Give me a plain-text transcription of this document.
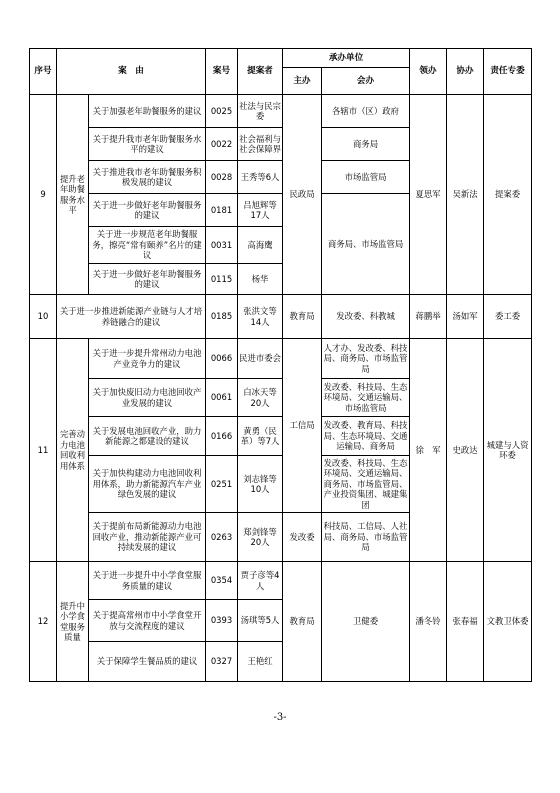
序号	案　由		案号	提案者	承办单位		领办	协办	责任专委
					主办	会办			
9	提升老年助餐服务水平	关于加强老年助餐服务的建议	0025	社法与民宗委	民政局	各辖市（区）政府	夏思军	吴新法	提案委
		关于提升我市老年助餐服务水平的建议	0022	社会福利与社会保障界		商务局			
		关于推进我市老年助餐服务积极发展的建议	0028	王秀等6人		市场监管局			
		关于进一步做好老年助餐服务的建议	0181	吕旭辉等17人		商务局、市场监管局			
		关于进一步规范老年助餐服务，擦亮“常有颐养”名片的建议	0031	高海鹰					
		关于进一步做好老年助餐服务的建议	0115	杨华					
10	关于进一步推进新能源产业链与人才培养链融合的建议		0185	张洪文等14人	教育局	发改委、科教城	蒋鹏举	汤如军	委工委
11	完善动力电池回收利用体系	关于进一步提升常州动力电池产业竞争力的建议	0066	民进市委会	工信局	人才办、发改委、科技局、商务局、市场监管局	徐　军	史政达	城建与人资环委
		关于加快废旧动力电池回收产业发展的建议	0061	白冰天等20人		发改委、科技局、生态环境局、交通运输局、市场监管局			
		关于发展电池回收产业，助力新能源之都建设的建议	0166	黄勇（民革）等7人		发改委、教育局、科技局、生态环境局、交通运输局、商务局			
		关于加快构建动力电池回收利用体系，助力新能源汽车产业绿色发展的建议	0251	刘志锋等10人		发改委、科技局、生态环境局、交通运输局、商务局、市场监管局、产业投资集团、城建集团			
		关于提前布局新能源动力电池回收产业，推动新能源产业可持续发展的建议	0263	郑剑锋等20人	发改委	科技局、工信局、人社局、商务局、市场监管局			
12	提升中小学食堂服务质量	关于进一步提升中小学食堂服务质量的建议	0354	贾子彦等4人	教育局	卫健委	潘冬铃	张春福	文教卫体委
		关于提高常州市中小学食堂开放与交流程度的建议	0393	汤琪等5人					
		关于保障学生餐品质的建议	0327	王艳红					
-3-
